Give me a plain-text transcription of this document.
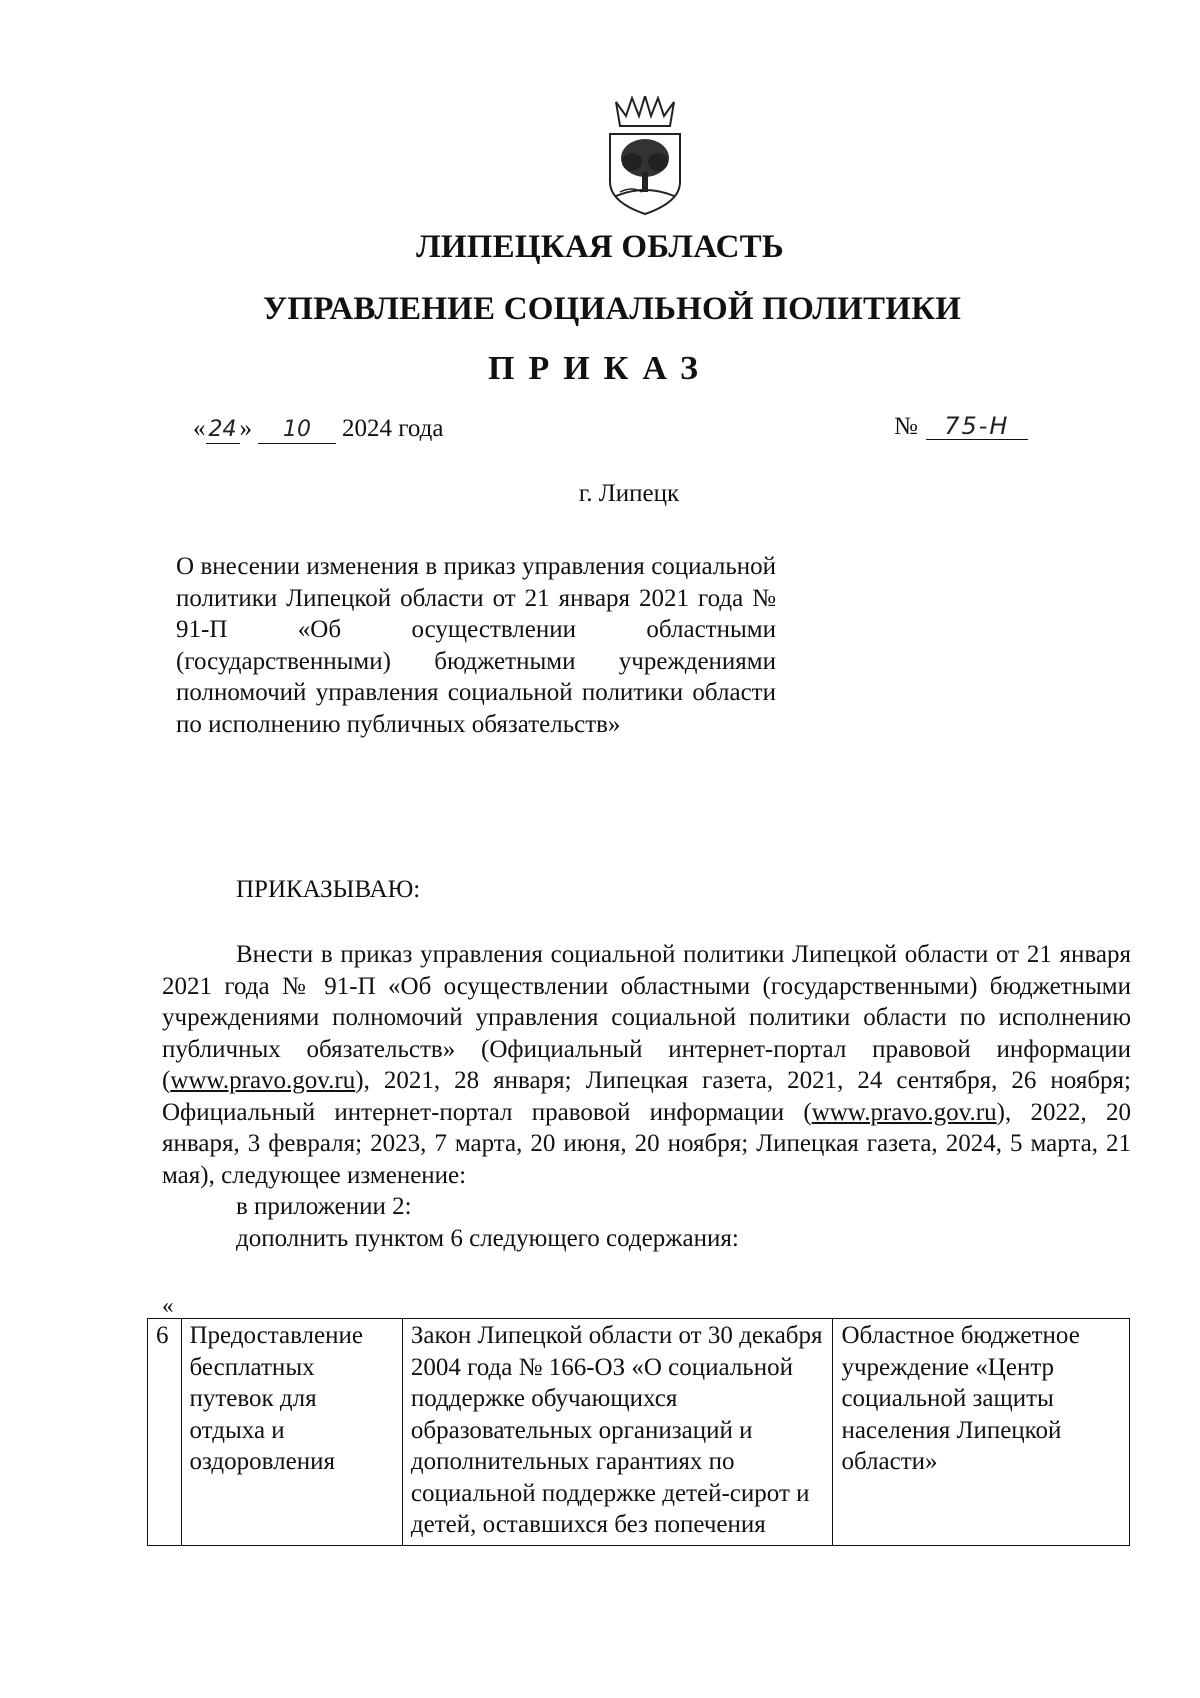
ЛИПЕЦКАЯ ОБЛАСТЬ
УПРАВЛЕНИЕ СОЦИАЛЬНОЙ ПОЛИТИКИ
ПРИКАЗ
« 24 » 10 2024 года	№ 75-Н
г. Липецк
О внесении изменения в приказ управления социальной политики Липецкой области от 21 января 2021 года № 91-П «Об осуществлении областными (государственными) бюджетными учреждениями полномочий управления социальной политики области по исполнению публичных обязательств»
ПРИКАЗЫВАЮ:

Внести в приказ управления социальной политики Липецкой области от 21 января 2021 года № 91-П «Об осуществлении областными (государственными) бюджетными учреждениями полномочий управления социальной политики области по исполнению публичных обязательств» (Официальный интернет-портал правовой информации (www.pravo.gov.ru), 2021, 28 января; Липецкая газета, 2021, 24 сентября, 26 ноября; Официальный интернет-портал правовой информации (www.pravo.gov.ru), 2022, 20 января, 3 февраля; 2023, 7 марта, 20 июня, 20 ноября; Липецкая газета, 2024, 5 марта, 21 мая), следующее изменение:

в приложении 2:

дополнить пунктом 6 следующего содержания:

«
6	Предоставление бесплатных путевок для отдыха и оздоровления	Закон Липецкой области от 30 декабря 2004 года № 166-ОЗ «О социальной поддержке обучающихся образовательных организаций и дополнительных гарантиях по социальной поддержке детей-сирот и детей, оставшихся без попечения	Областное бюджетное учреждение «Центр социальной защиты населения Липецкой области»
